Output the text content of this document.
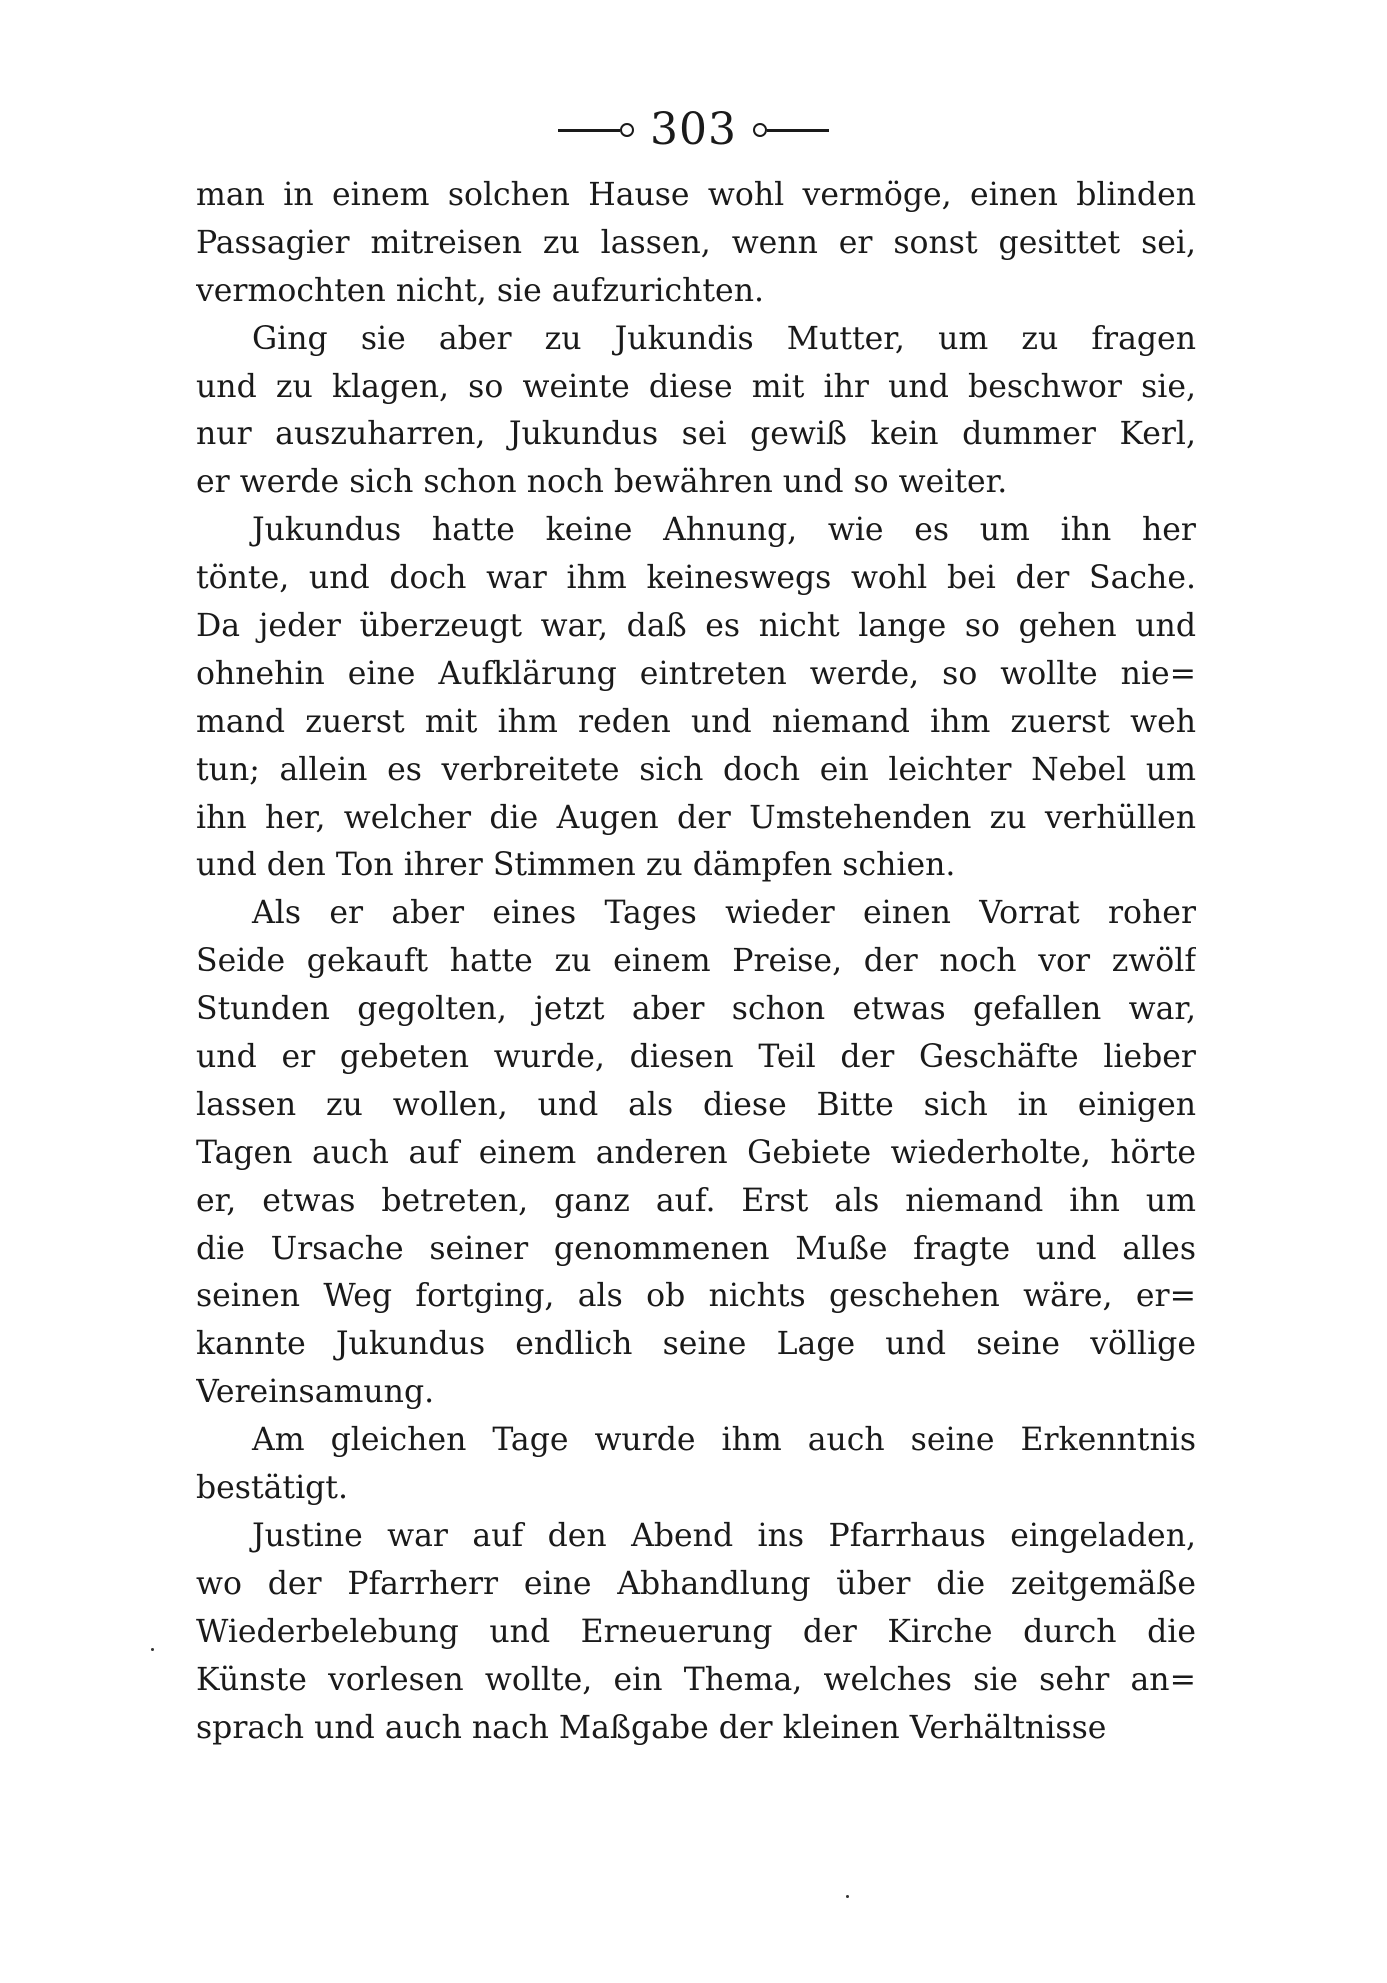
303
man in einem solchen Hause wohl vermöge, einen blinden
Passagier mitreisen zu lassen, wenn er sonst gesittet sei,
vermochten nicht, sie aufzurichten.
Ging sie aber zu Jukundis Mutter, um zu fragen
und zu klagen, so weinte diese mit ihr und beschwor sie,
nur auszuharren, Jukundus sei gewiß kein dummer Kerl,
er werde sich schon noch bewähren und so weiter.
Jukundus hatte keine Ahnung, wie es um ihn her
tönte, und doch war ihm keineswegs wohl bei der Sache.
Da jeder überzeugt war, daß es nicht lange so gehen und
ohnehin eine Aufklärung eintreten werde, so wollte nie=
mand zuerst mit ihm reden und niemand ihm zuerst weh
tun; allein es verbreitete sich doch ein leichter Nebel um
ihn her, welcher die Augen der Umstehenden zu verhüllen
und den Ton ihrer Stimmen zu dämpfen schien.
Als er aber eines Tages wieder einen Vorrat roher
Seide gekauft hatte zu einem Preise, der noch vor zwölf
Stunden gegolten, jetzt aber schon etwas gefallen war,
und er gebeten wurde, diesen Teil der Geschäfte lieber
lassen zu wollen, und als diese Bitte sich in einigen
Tagen auch auf einem anderen Gebiete wiederholte, hörte
er, etwas betreten, ganz auf. Erst als niemand ihn um
die Ursache seiner genommenen Muße fragte und alles
seinen Weg fortging, als ob nichts geschehen wäre, er=
kannte Jukundus endlich seine Lage und seine völlige
Vereinsamung.
Am gleichen Tage wurde ihm auch seine Erkenntnis
bestätigt.
Justine war auf den Abend ins Pfarrhaus eingeladen,
wo der Pfarrherr eine Abhandlung über die zeitgemäße
Wiederbelebung und Erneuerung der Kirche durch die
Künste vorlesen wollte, ein Thema, welches sie sehr an=
sprach und auch nach Maßgabe der kleinen Verhältnisse
